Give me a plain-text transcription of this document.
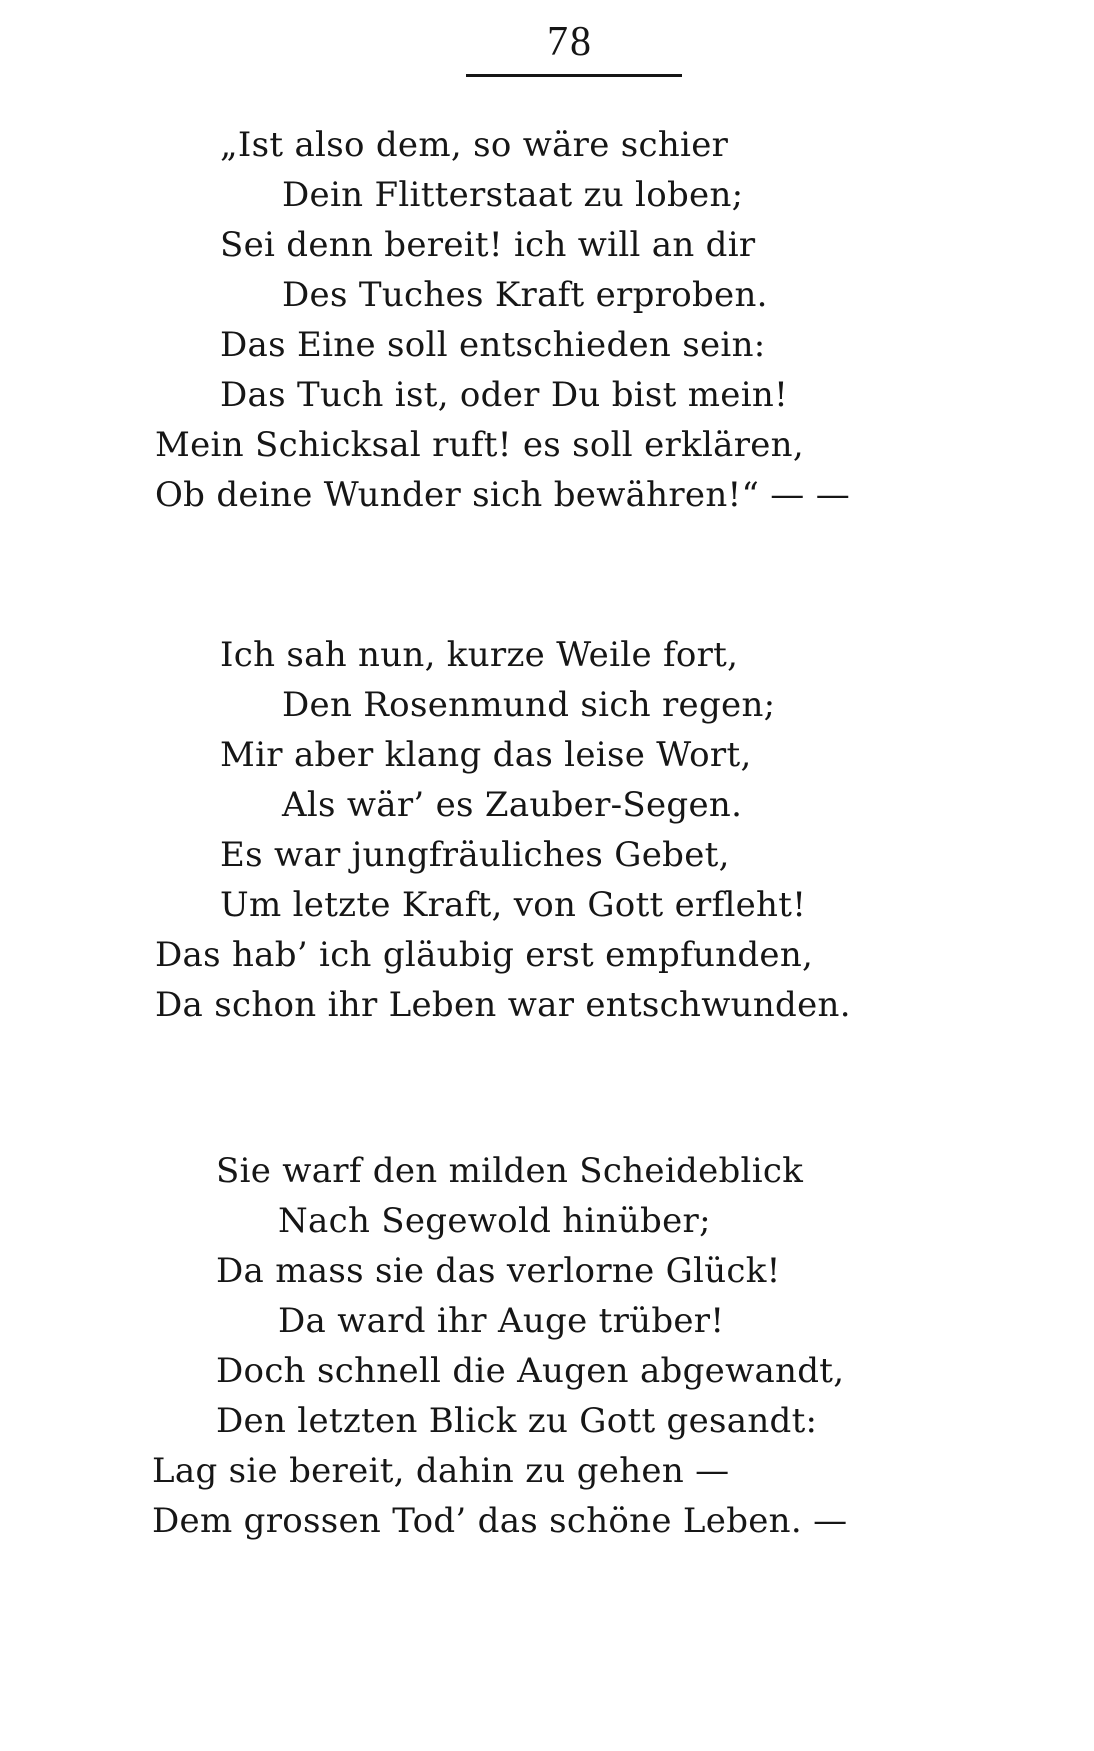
78
„Ist also dem, so wäre schier
Dein Flitterstaat zu loben;
Sei denn bereit! ich will an dir
Des Tuches Kraft erproben.
Das Eine soll entschieden sein:
Das Tuch ist, oder Du bist mein!
Mein Schicksal ruft! es soll erklären,
Ob deine Wunder sich bewähren!“ — —
Ich sah nun, kurze Weile fort,
Den Rosenmund sich regen;
Mir aber klang das leise Wort,
Als wär’ es Zauber-Segen.
Es war jungfräuliches Gebet,
Um letzte Kraft, von Gott erfleht!
Das hab’ ich gläubig erst empfunden,
Da schon ihr Leben war entschwunden.
Sie warf den milden Scheideblick
Nach Segewold hinüber;
Da mass sie das verlorne Glück!
Da ward ihr Auge trüber!
Doch schnell die Augen abgewandt,
Den letzten Blick zu Gott gesandt:
Lag sie bereit, dahin zu gehen —
Dem grossen Tod’ das schöne Leben. —
